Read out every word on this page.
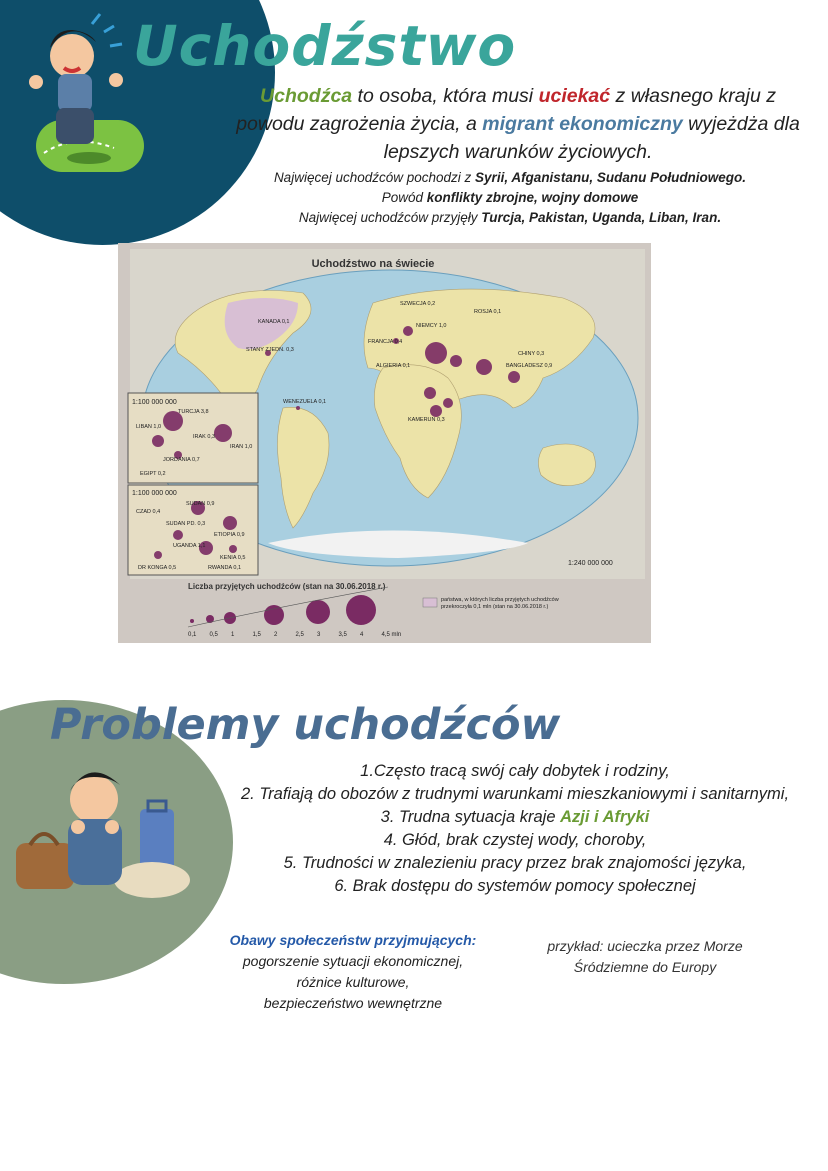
Uchodźstwo
Uchodźca to osoba, która musi uciekać z własnego kraju z powodu zagrożenia życia, a migrant ekonomiczny wyjeżdża dla lepszych warunków życiowych.
Najwięcej uchodźców pochodzi z Syrii, Afganistanu, Sudanu Południowego.
Powód konflikty zbrojne, wojny domowe
Najwięcej uchodźców przyjęły Turcja, Pakistan, Uganda, Liban, Iran.
Uchodźstwo na świecie
1:100 000 000
1:100 000 000
KANADA 0,1
STANY ZJEDN. 0,3
SZWECJA 0,2
ROSJA 0,1
NIEMCY 1,0
FRANCJA 0,4
CHINY 0,3
BANGLADESZ 0,9
ALGIERIA 0,1
WENEZUELA 0,1
KAMERUN 0,3
TURCJA 3,8
LIBAN 1,0
IRAN 1,0
IRAK 0,3
JORDANIA 0,7
EGIPT 0,2
SUDAN 0,9
CZAD 0,4
SUDAN PD. 0,3
ETIOPIA 0,9
UGANDA 1,1
KENIA 0,5
DR KONGA 0,5	RWANDA 0,1
1:240 000 000
Liczba przyjętych uchodźców (stan na 30.06.2018 r.)
0,1 0,5 1	1,5 2	2,5 3	3,5 4	4,5 mln
państwa, w których liczba przyjętych uchodźców
przekroczyła 0,1 mln (stan na 30.06.2018 r.)
Problemy uchodźców
1.Często tracą swój cały dobytek i rodziny,
2. Trafiają do obozów z trudnymi warunkami mieszkaniowymi i sanitarnymi,
3. Trudna sytuacja kraje Azji i Afryki
4. Głód, brak czystej wody, choroby,
5. Trudności w znalezieniu pracy przez brak znajomości języka,
6. Brak dostępu do systemów pomocy społecznej
Obawy społeczeństw przyjmujących:
pogorszenie sytuacji ekonomicznej,
różnice kulturowe,
bezpieczeństwo wewnętrzne
przykład: ucieczka przez Morze Śródziemne do Europy
